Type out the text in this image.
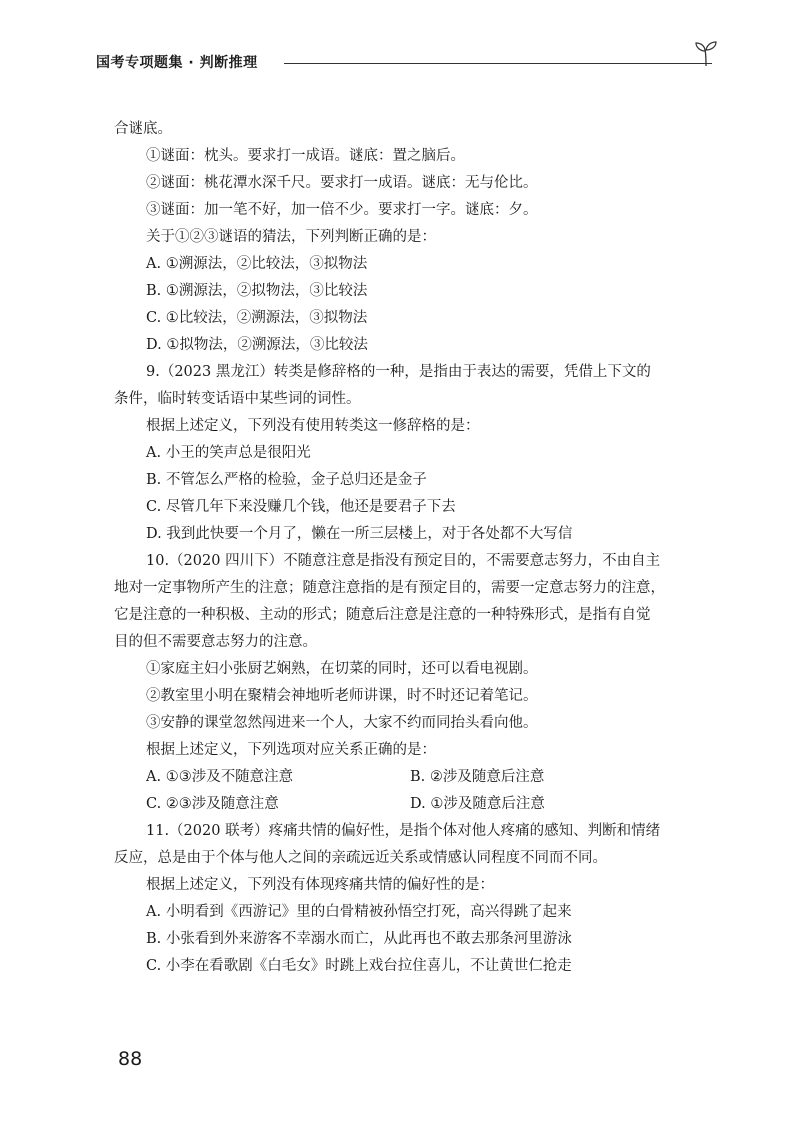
国考专项题集 · 判断推理
合谜底。
①谜面：枕头。要求打一成语。谜底：置之脑后。
②谜面：桃花潭水深千尺。要求打一成语。谜底：无与伦比。
③谜面：加一笔不好，加一倍不少。要求打一字。谜底：夕。
关于①②③谜语的猜法，下列判断正确的是：
A. ①溯源法，②比较法，③拟物法
B. ①溯源法，②拟物法，③比较法
C. ①比较法，②溯源法，③拟物法
D. ①拟物法，②溯源法，③比较法
9.（2023 黑龙江）转类是修辞格的一种，是指由于表达的需要，凭借上下文的
条件，临时转变话语中某些词的词性。
根据上述定义，下列没有使用转类这一修辞格的是：
A. 小王的笑声总是很阳光
B. 不管怎么严格的检验，金子总归还是金子
C. 尽管几年下来没赚几个钱，他还是要君子下去
D. 我到此快要一个月了，懒在一所三层楼上，对于各处都不大写信
10.（2020 四川下）不随意注意是指没有预定目的，不需要意志努力，不由自主
地对一定事物所产生的注意；随意注意指的是有预定目的，需要一定意志努力的注意，
它是注意的一种积极、主动的形式；随意后注意是注意的一种特殊形式，是指有自觉
目的但不需要意志努力的注意。
①家庭主妇小张厨艺娴熟，在切菜的同时，还可以看电视剧。
②教室里小明在聚精会神地听老师讲课，时不时还记着笔记。
③安静的课堂忽然闯进来一个人，大家不约而同抬头看向他。
根据上述定义，下列选项对应关系正确的是：
A. ①③涉及不随意注意	B. ②涉及随意后注意
C. ②③涉及随意注意	D. ①涉及随意后注意
11.（2020 联考）疼痛共情的偏好性，是指个体对他人疼痛的感知、判断和情绪
反应，总是由于个体与他人之间的亲疏远近关系或情感认同程度不同而不同。
根据上述定义，下列没有体现疼痛共情的偏好性的是：
A. 小明看到《西游记》里的白骨精被孙悟空打死，高兴得跳了起来
B. 小张看到外来游客不幸溺水而亡，从此再也不敢去那条河里游泳
C. 小李在看歌剧《白毛女》时跳上戏台拉住喜儿，不让黄世仁抢走
88
